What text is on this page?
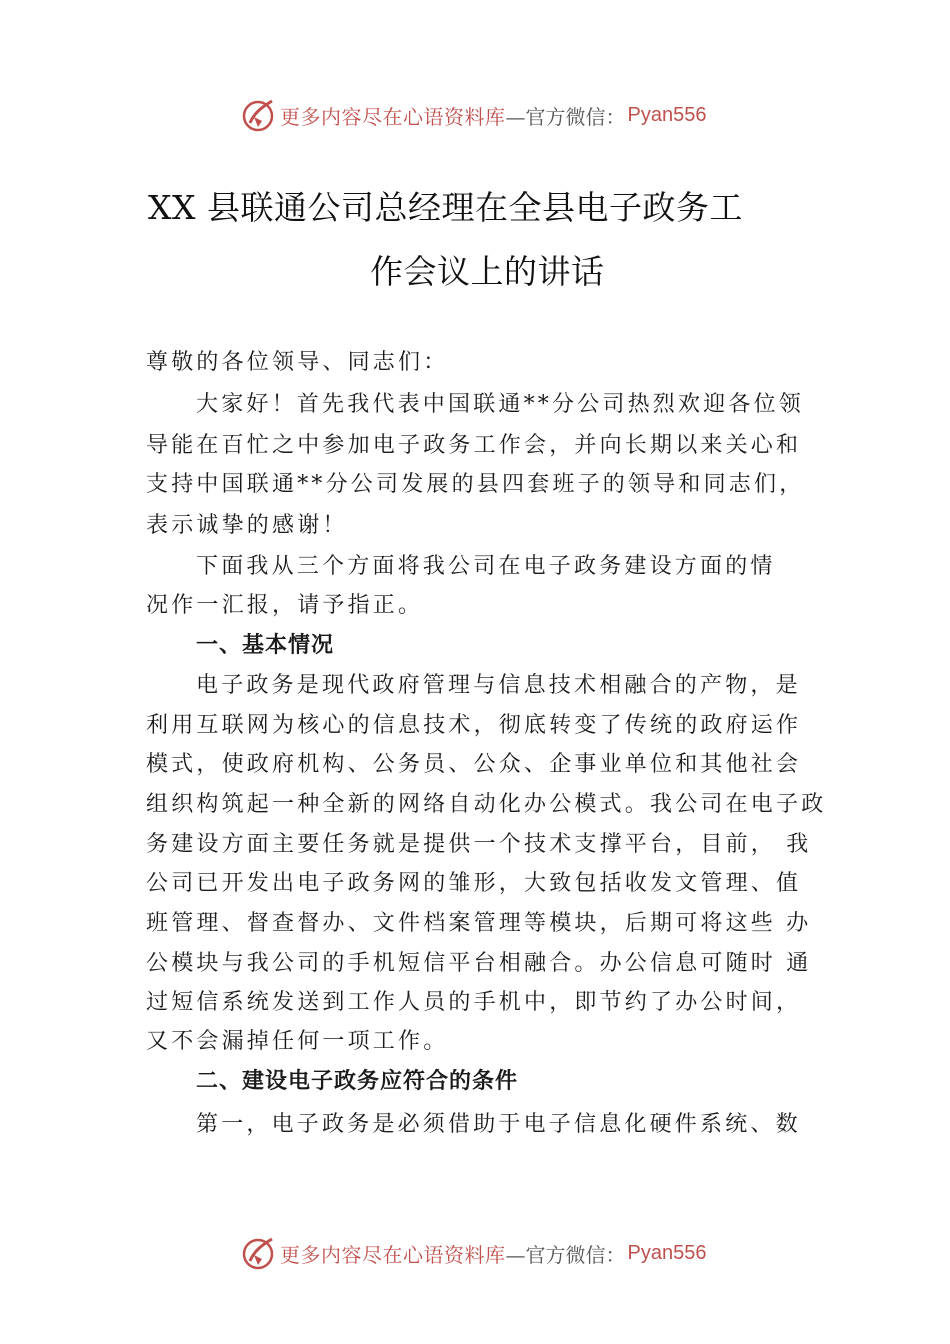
更多内容尽在心语资料库 —官方微信： Pyan556
XX 县联通公司总经理在全县电子政务工
作会议上的讲话
尊敬的各位领导、同志们：
大家好！首先我代表中国联通**分公司热烈欢迎各位领
导能在百忙之中参加电子政务工作会，并向长期以来关心和
支持中国联通**分公司发展的县四套班子的领导和同志们，
表示诚挚的感谢！
下面我从三个方面将我公司在电子政务建设方面的情
况作一汇报，请予指正。
一、基本情况
电子政务是现代政府管理与信息技术相融合的产物，是
利用互联网为核心的信息技术，彻底转变了传统的政府运作
模式，使政府机构、公务员、公众、企事业单位和其他社会
组织构筑起一种全新的网络自动化办公模式。我公司在电子政
务建设方面主要任务就是提供一个技术支撑平台，目前， 我
公司已开发出电子政务网的雏形，大致包括收发文管理、值
班管理、督查督办、文件档案管理等模块，后期可将这些 办
公模块与我公司的手机短信平台相融合。办公信息可随时 通
过短信系统发送到工作人员的手机中，即节约了办公时间，
又不会漏掉任何一项工作。
二、建设电子政务应符合的条件
第一，电子政务是必须借助于电子信息化硬件系统、数
更多内容尽在心语资料库 —官方微信： Pyan556
